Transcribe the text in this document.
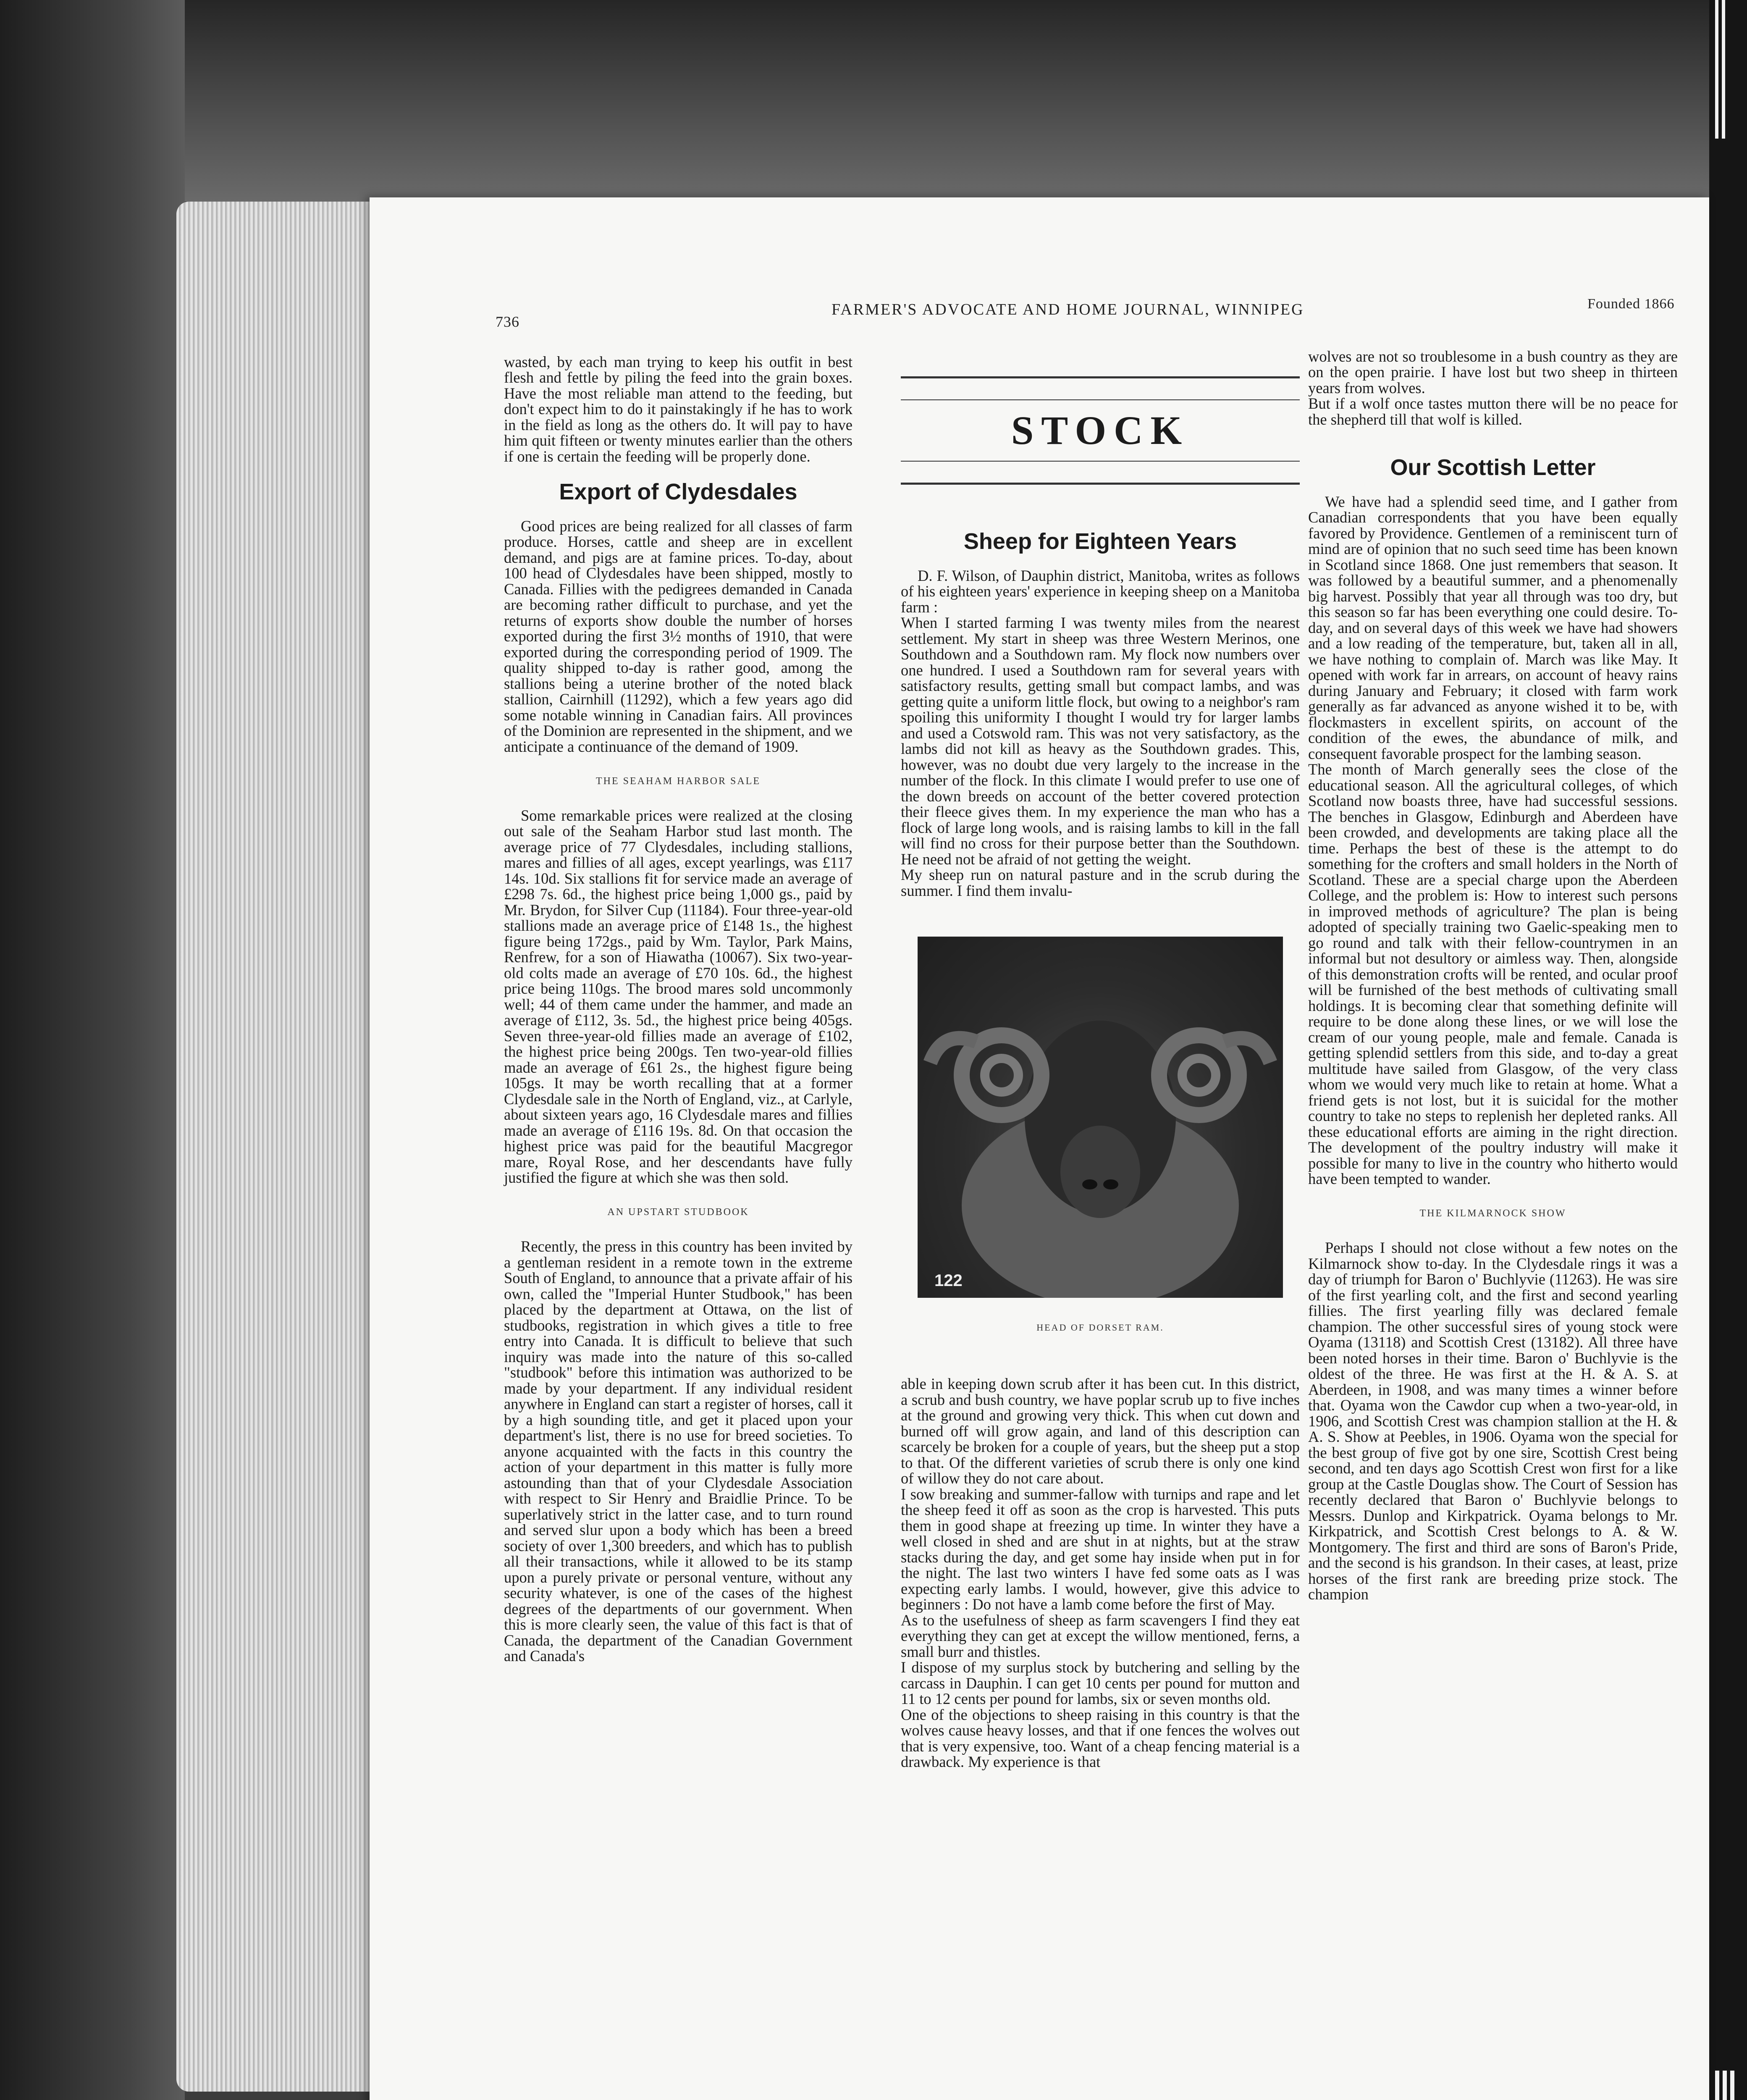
736
FARMER'S ADVOCATE AND HOME JOURNAL, WINNIPEG	Founded 1866

wasted, by each man trying to keep his outfit in best flesh and fettle by piling the feed into the grain boxes. Have the most reliable man attend to the feeding, but don't expect him to do it painstakingly if he has to work in the field as long as the others do. It will pay to have him quit fifteen or twenty minutes earlier than the others if one is certain the feeding will be properly done.

Export of Clydesdales

Good prices are being realized for all classes of farm produce. Horses, cattle and sheep are in excellent demand, and pigs are at famine prices. To-day, about 100 head of Clydesdales have been shipped, mostly to Canada. Fillies with the pedigrees demanded in Canada are becoming rather difficult to purchase, and yet the returns of exports show double the number of horses exported during the first 3½ months of 1910, that were exported during the corresponding period of 1909. The quality shipped to-day is rather good, among the stallions being a uterine brother of the noted black stallion, Cairnhill (11292), which a few years ago did some notable winning in Canadian fairs. All provinces of the Dominion are represented in the shipment, and we anticipate a continuance of the demand of 1909.

THE SEAHAM HARBOR SALE

Some remarkable prices were realized at the closing out sale of the Seaham Harbor stud last month. The average price of 77 Clydesdales, including stallions, mares and fillies of all ages, except yearlings, was £117 14s. 10d. Six stallions fit for service made an average of £298 7s. 6d., the highest price being 1,000 gs., paid by Mr. Brydon, for Silver Cup (11184). Four three-year-old stallions made an average price of £148 1s., the highest figure being 172gs., paid by Wm. Taylor, Park Mains, Renfrew, for a son of Hiawatha (10067). Six two-year-old colts made an average of £70 10s. 6d., the highest price being 110gs. The brood mares sold uncommonly well; 44 of them came under the hammer, and made an average of £112, 3s. 5d., the highest price being 405gs. Seven three-year-old fillies made an average of £102, the highest price being 200gs. Ten two-year-old fillies made an average of £61 2s., the highest figure being 105gs. It may be worth recalling that at a former Clydesdale sale in the North of England, viz., at Carlyle, about sixteen years ago, 16 Clydesdale mares and fillies made an average of £116 19s. 8d. On that occasion the highest price was paid for the beautiful Macgregor mare, Royal Rose, and her descendants have fully justified the figure at which she was then sold.

AN UPSTART STUDBOOK

Recently, the press in this country has been invited by a gentleman resident in a remote town in the extreme South of England, to announce that a private affair of his own, called the "Imperial Hunter Studbook," has been placed by the department at Ottawa, on the list of studbooks, registration in which gives a title to free entry into Canada. It is difficult to believe that such inquiry was made into the nature of this so-called "studbook" before this intimation was authorized to be made by your department. If any individual resident anywhere in England can start a register of horses, call it by a high sounding title, and get it placed upon your department's list, there is no use for breed societies. To anyone acquainted with the facts in this country the action of your department in this matter is fully more astounding than that of your Clydesdale Association with respect to Sir Henry and Braidlie Prince. To be superlatively strict in the latter case, and to turn round and served slur upon a body which has been a breed society of over 1,300 breeders, and which has to publish all their transactions, while it allowed to be its stamp upon a purely private or personal venture, without any security whatever, is one of the cases of the highest degrees of the departments of our government. When this is more clearly seen, the value of this fact is that of Canada, the department of the Canadian Government and Canada's

STOCK

Sheep for Eighteen Years

D. F. Wilson, of Dauphin district, Manitoba, writes as follows of his eighteen years' experience in keeping sheep on a Manitoba farm :
When I started farming I was twenty miles from the nearest settlement. My start in sheep was three Western Merinos, one Southdown and a Southdown ram. My flock now numbers over one hundred. I used a Southdown ram for several years with satisfactory results, getting small but compact lambs, and was getting quite a uniform little flock, but owing to a neighbor's ram spoiling this uniformity I thought I would try for larger lambs and used a Cotswold ram. This was not very satisfactory, as the lambs did not kill as heavy as the Southdown grades. This, however, was no doubt due very largely to the increase in the number of the flock. In this climate I would prefer to use one of the down breeds on account of the better covered protection their fleece gives them. In my experience the man who has a flock of large long wools, and is raising lambs to kill in the fall will find no cross for their purpose better than the Southdown. He need not be afraid of not getting the weight.
My sheep run on natural pasture and in the scrub during the summer. I find them invalu-

122

HEAD OF DORSET RAM.

able in keeping down scrub after it has been cut. In this district, a scrub and bush country, we have poplar scrub up to five inches at the ground and growing very thick. This when cut down and burned off will grow again, and land of this description can scarcely be broken for a couple of years, but the sheep put a stop to that. Of the different varieties of scrub there is only one kind of willow they do not care about.
I sow breaking and summer-fallow with turnips and rape and let the sheep feed it off as soon as the crop is harvested. This puts them in good shape at freezing up time. In winter they have a well closed in shed and are shut in at nights, but at the straw stacks during the day, and get some hay inside when put in for the night. The last two winters I have fed some oats as I was expecting early lambs. I would, however, give this advice to beginners : Do not have a lamb come before the first of May.
As to the usefulness of sheep as farm scavengers I find they eat everything they can get at except the willow mentioned, ferns, a small burr and thistles.
I dispose of my surplus stock by butchering and selling by the carcass in Dauphin. I can get 10 cents per pound for mutton and 11 to 12 cents per pound for lambs, six or seven months old.
One of the objections to sheep raising in this country is that the wolves cause heavy losses, and that if one fences the wolves out that is very expensive, too. Want of a cheap fencing material is a drawback. My experience is that

wolves are not so troublesome in a bush country as they are on the open prairie. I have lost but two sheep in thirteen years from wolves.
But if a wolf once tastes mutton there will be no peace for the shepherd till that wolf is killed.

Our Scottish Letter

We have had a splendid seed time, and I gather from Canadian correspondents that you have been equally favored by Providence. Gentlemen of a reminiscent turn of mind are of opinion that no such seed time has been known in Scotland since 1868. One just remembers that season. It was followed by a beautiful summer, and a phenomenally big harvest. Possibly that year all through was too dry, but this season so far has been everything one could desire. To-day, and on several days of this week we have had showers and a low reading of the temperature, but, taken all in all, we have nothing to complain of. March was like May. It opened with work far in arrears, on account of heavy rains during January and February; it closed with farm work generally as far advanced as anyone wished it to be, with flockmasters in excellent spirits, on account of the condition of the ewes, the abundance of milk, and consequent favorable prospect for the lambing season.
The month of March generally sees the close of the educational season. All the agricultural colleges, of which Scotland now boasts three, have had successful sessions. The benches in Glasgow, Edinburgh and Aberdeen have been crowded, and developments are taking place all the time. Perhaps the best of these is the attempt to do something for the crofters and small holders in the North of Scotland. These are a special charge upon the Aberdeen College, and the problem is: How to interest such persons in improved methods of agriculture? The plan is being adopted of specially training two Gaelic-speaking men to go round and talk with their fellow-countrymen in an informal but not desultory or aimless way. Then, alongside of this demonstration crofts will be rented, and ocular proof will be furnished of the best methods of cultivating small holdings. It is becoming clear that something definite will require to be done along these lines, or we will lose the cream of our young people, male and female. Canada is getting splendid settlers from this side, and to-day a great multitude have sailed from Glasgow, of the very class whom we would very much like to retain at home. What a friend gets is not lost, but it is suicidal for the mother country to take no steps to replenish her depleted ranks. All these educational efforts are aiming in the right direction. The development of the poultry industry will make it possible for many to live in the country who hitherto would have been tempted to wander.

THE KILMARNOCK SHOW

Perhaps I should not close without a few notes on the Kilmarnock show to-day. In the Clydesdale rings it was a day of triumph for Baron o' Buchlyvie (11263). He was sire of the first yearling colt, and the first and second yearling fillies. The first yearling filly was declared female champion. The other successful sires of young stock were Oyama (13118) and Scottish Crest (13182). All three have been noted horses in their time. Baron o' Buchlyvie is the oldest of the three. He was first at the H. & A. S. at Aberdeen, in 1908, and was many times a winner before that. Oyama won the Cawdor cup when a two-year-old, in 1906, and Scottish Crest was champion stallion at the H. & A. S. Show at Peebles, in 1906. Oyama won the special for the best group of five got by one sire, Scottish Crest being second, and ten days ago Scottish Crest won first for a like group at the Castle Douglas show. The Court of Session has recently declared that Baron o' Buchlyvie belongs to Messrs. Dunlop and Kirkpatrick. Oyama belongs to Mr. Kirkpatrick, and Scottish Crest belongs to A. & W. Montgomery. The first and third are sons of Baron's Pride, and the second is his grandson. In their cases, at least, prize horses of the first rank are breeding prize stock. The champion
